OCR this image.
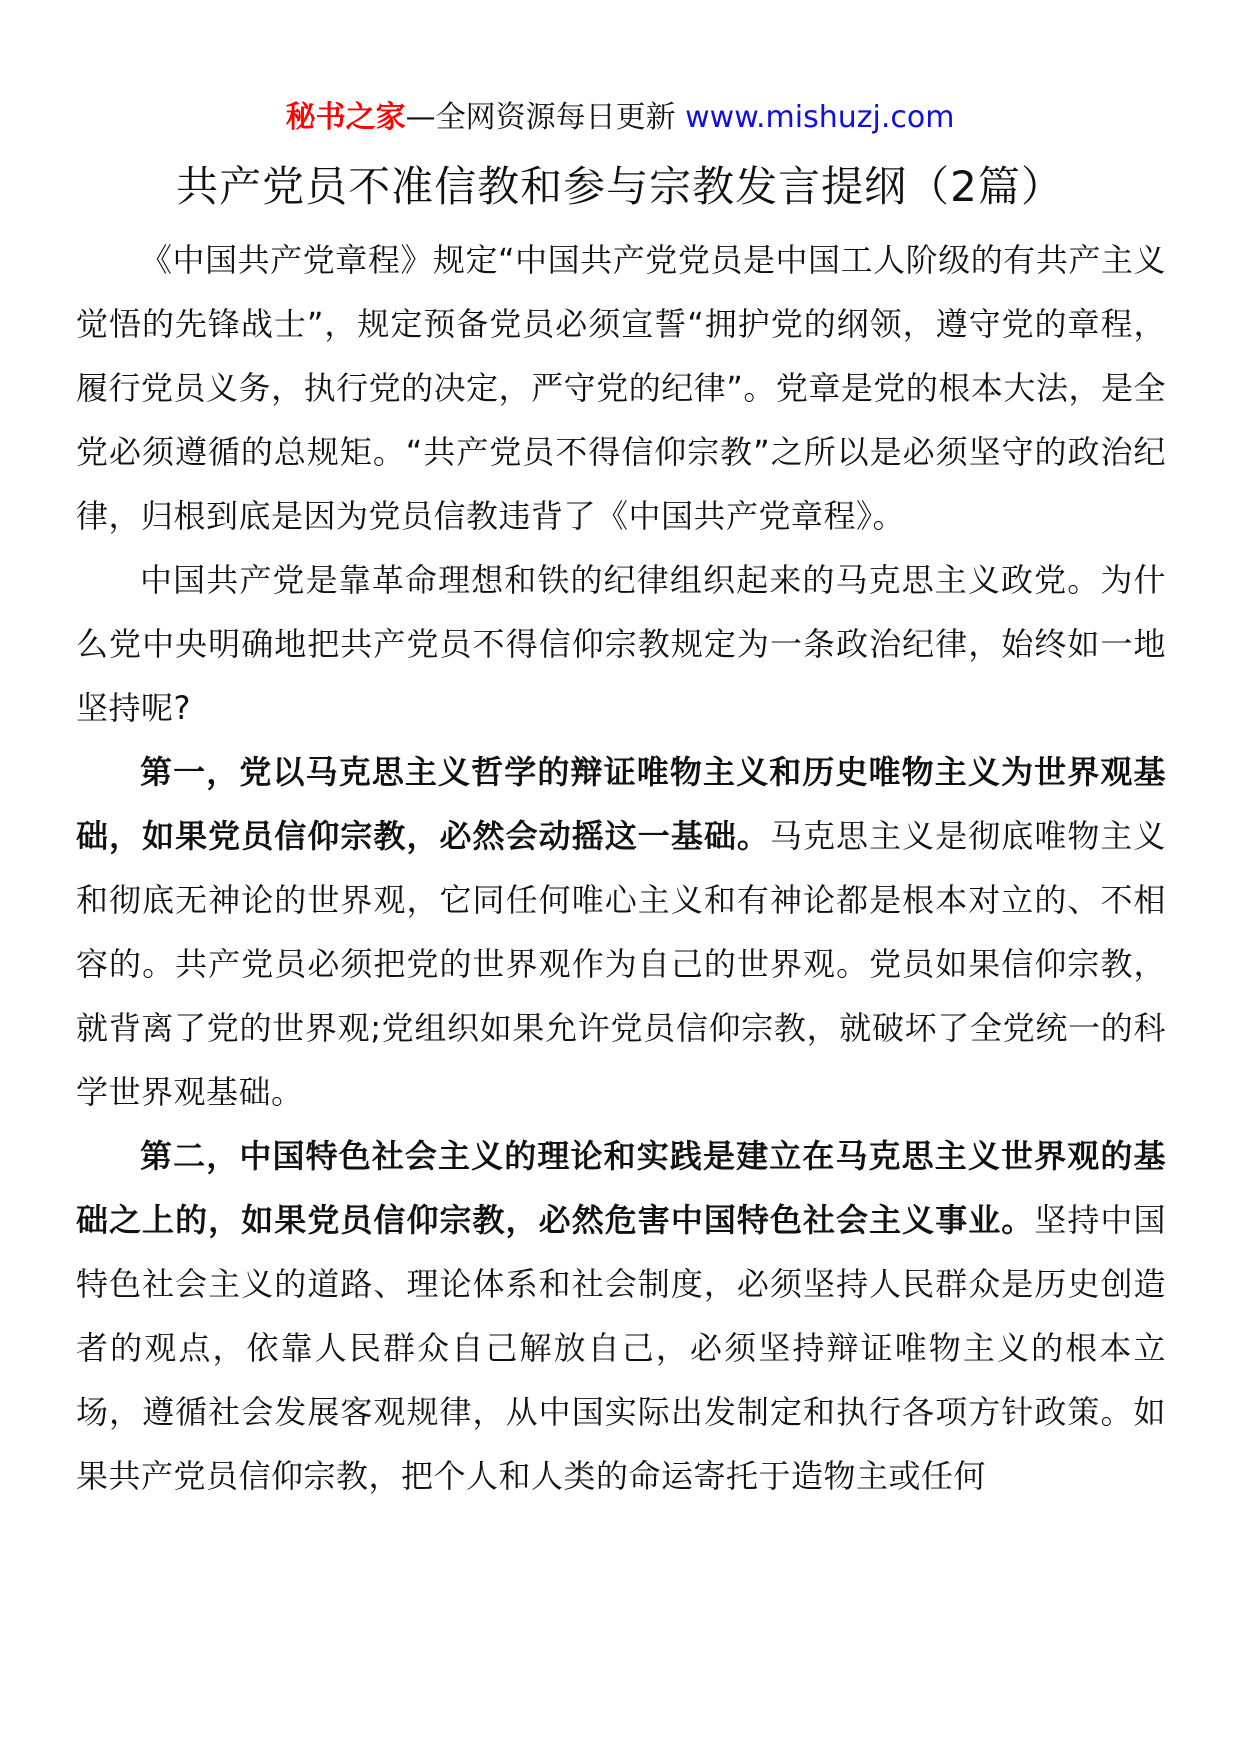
秘书之家—全网资源每日更新 www.mishuzj.com
共产党员不准信教和参与宗教发言提纲（2篇）

《中国共产党章程》规定“中国共产党党员是中国工人阶级的有共产主义觉悟的先锋战士”，规定预备党员必须宣誓“拥护党的纲领，遵守党的章程，履行党员义务，执行党的决定，严守党的纪律”。党章是党的根本大法，是全党必须遵循的总规矩。“共产党员不得信仰宗教”之所以是必须坚守的政治纪律，归根到底是因为党员信教违背了《中国共产党章程》。

中国共产党是靠革命理想和铁的纪律组织起来的马克思主义政党。为什么党中央明确地把共产党员不得信仰宗教规定为一条政治纪律，始终如一地坚持呢?

第一，党以马克思主义哲学的辩证唯物主义和历史唯物主义为世界观基础，如果党员信仰宗教，必然会动摇这一基础。马克思主义是彻底唯物主义和彻底无神论的世界观，它同任何唯心主义和有神论都是根本对立的、不相容的。共产党员必须把党的世界观作为自己的世界观。党员如果信仰宗教，就背离了党的世界观;党组织如果允许党员信仰宗教，就破坏了全党统一的科学世界观基础。

第二，中国特色社会主义的理论和实践是建立在马克思主义世界观的基础之上的，如果党员信仰宗教，必然危害中国特色社会主义事业。坚持中国特色社会主义的道路、理论体系和社会制度，必须坚持人民群众是历史创造者的观点，依靠人民群众自己解放自己，必须坚持辩证唯物主义的根本立场，遵循社会发展客观规律，从中国实际出发制定和执行各项方针政策。如果共产党员信仰宗教，把个人和人类的命运寄托于造物主或任何
